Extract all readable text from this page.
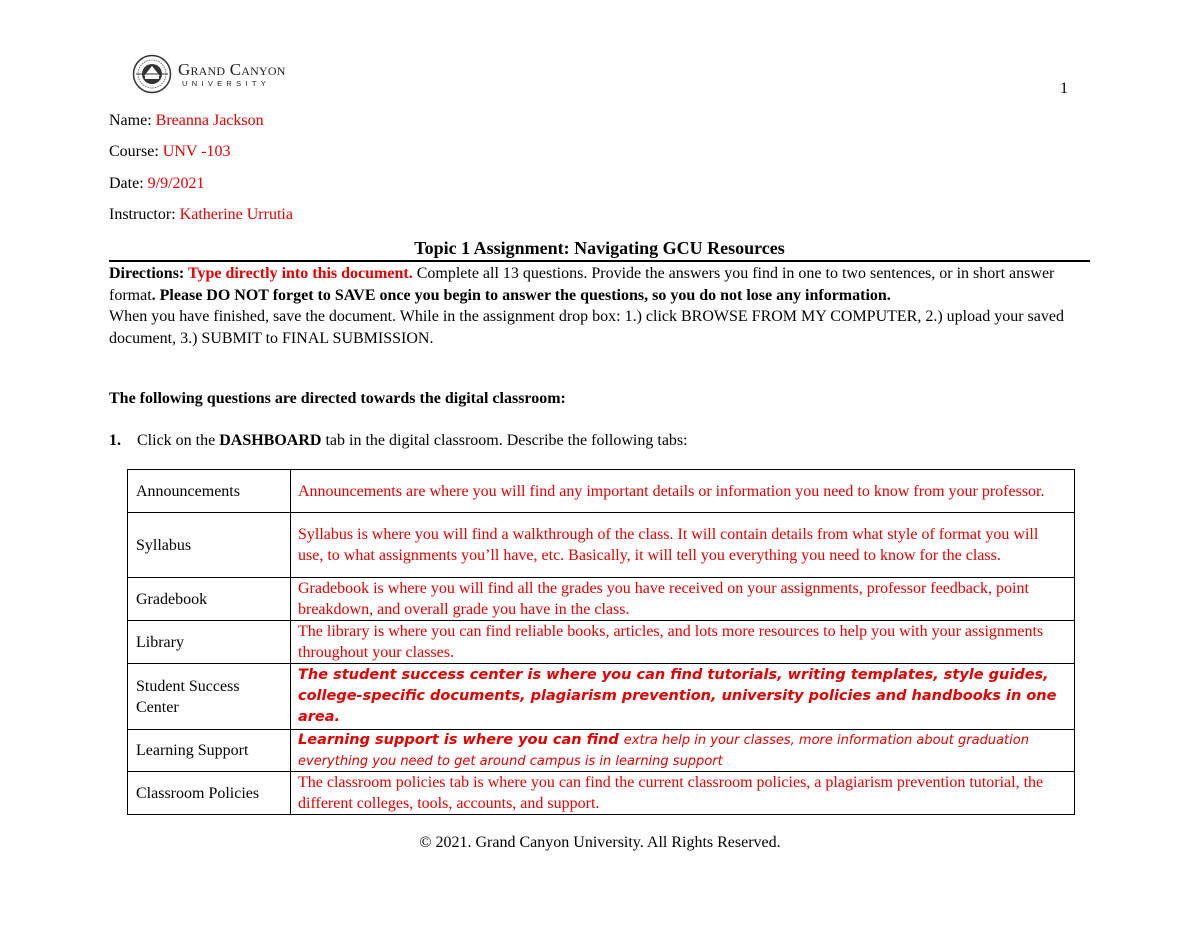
Grand Canyon
UNIVERSITY	1
Name: Breanna Jackson
Course: UNV -103
Date: 9/9/2021
Instructor: Katherine Urrutia
Topic 1 Assignment: Navigating GCU Resources

Directions: Type directly into this document. Complete all 13 questions. Provide the answers you find in one to two sentences, or in short answer format. Please DO NOT forget to SAVE once you begin to answer the questions, so you do not lose any information.

When you have finished, save the document. While in the assignment drop box: 1.) click BROWSE FROM MY COMPUTER, 2.) upload your saved document, 3.) SUBMIT to FINAL SUBMISSION.

The following questions are directed towards the digital classroom:
1. Click on the DASHBOARD tab in the digital classroom. Describe the following tabs:
Announcements	Announcements are where you will find any important details or information you need to know from your professor.
Syllabus	Syllabus is where you will find a walkthrough of the class. It will contain details from what style of format you will use, to what assignments you’ll have, etc. Basically, it will tell you everything you need to know for the class.
Gradebook	Gradebook is where you will find all the grades you have received on your assignments, professor feedback, point breakdown, and overall grade you have in the class.
Library	The library is where you can find reliable books, articles, and lots more resources to help you with your assignments throughout your classes.
Student Success Center	The student success center is where you can find tutorials, writing templates, style guides, college-specific documents, plagiarism prevention, university policies and handbooks in one area.
Learning Support	Learning support is where you can find extra help in your classes, more information about graduation everything you need to get around campus is in learning support
Classroom Policies	The classroom policies tab is where you can find the current classroom policies, a plagiarism prevention tutorial, the different colleges, tools, accounts, and support.
© 2021. Grand Canyon University. All Rights Reserved.
